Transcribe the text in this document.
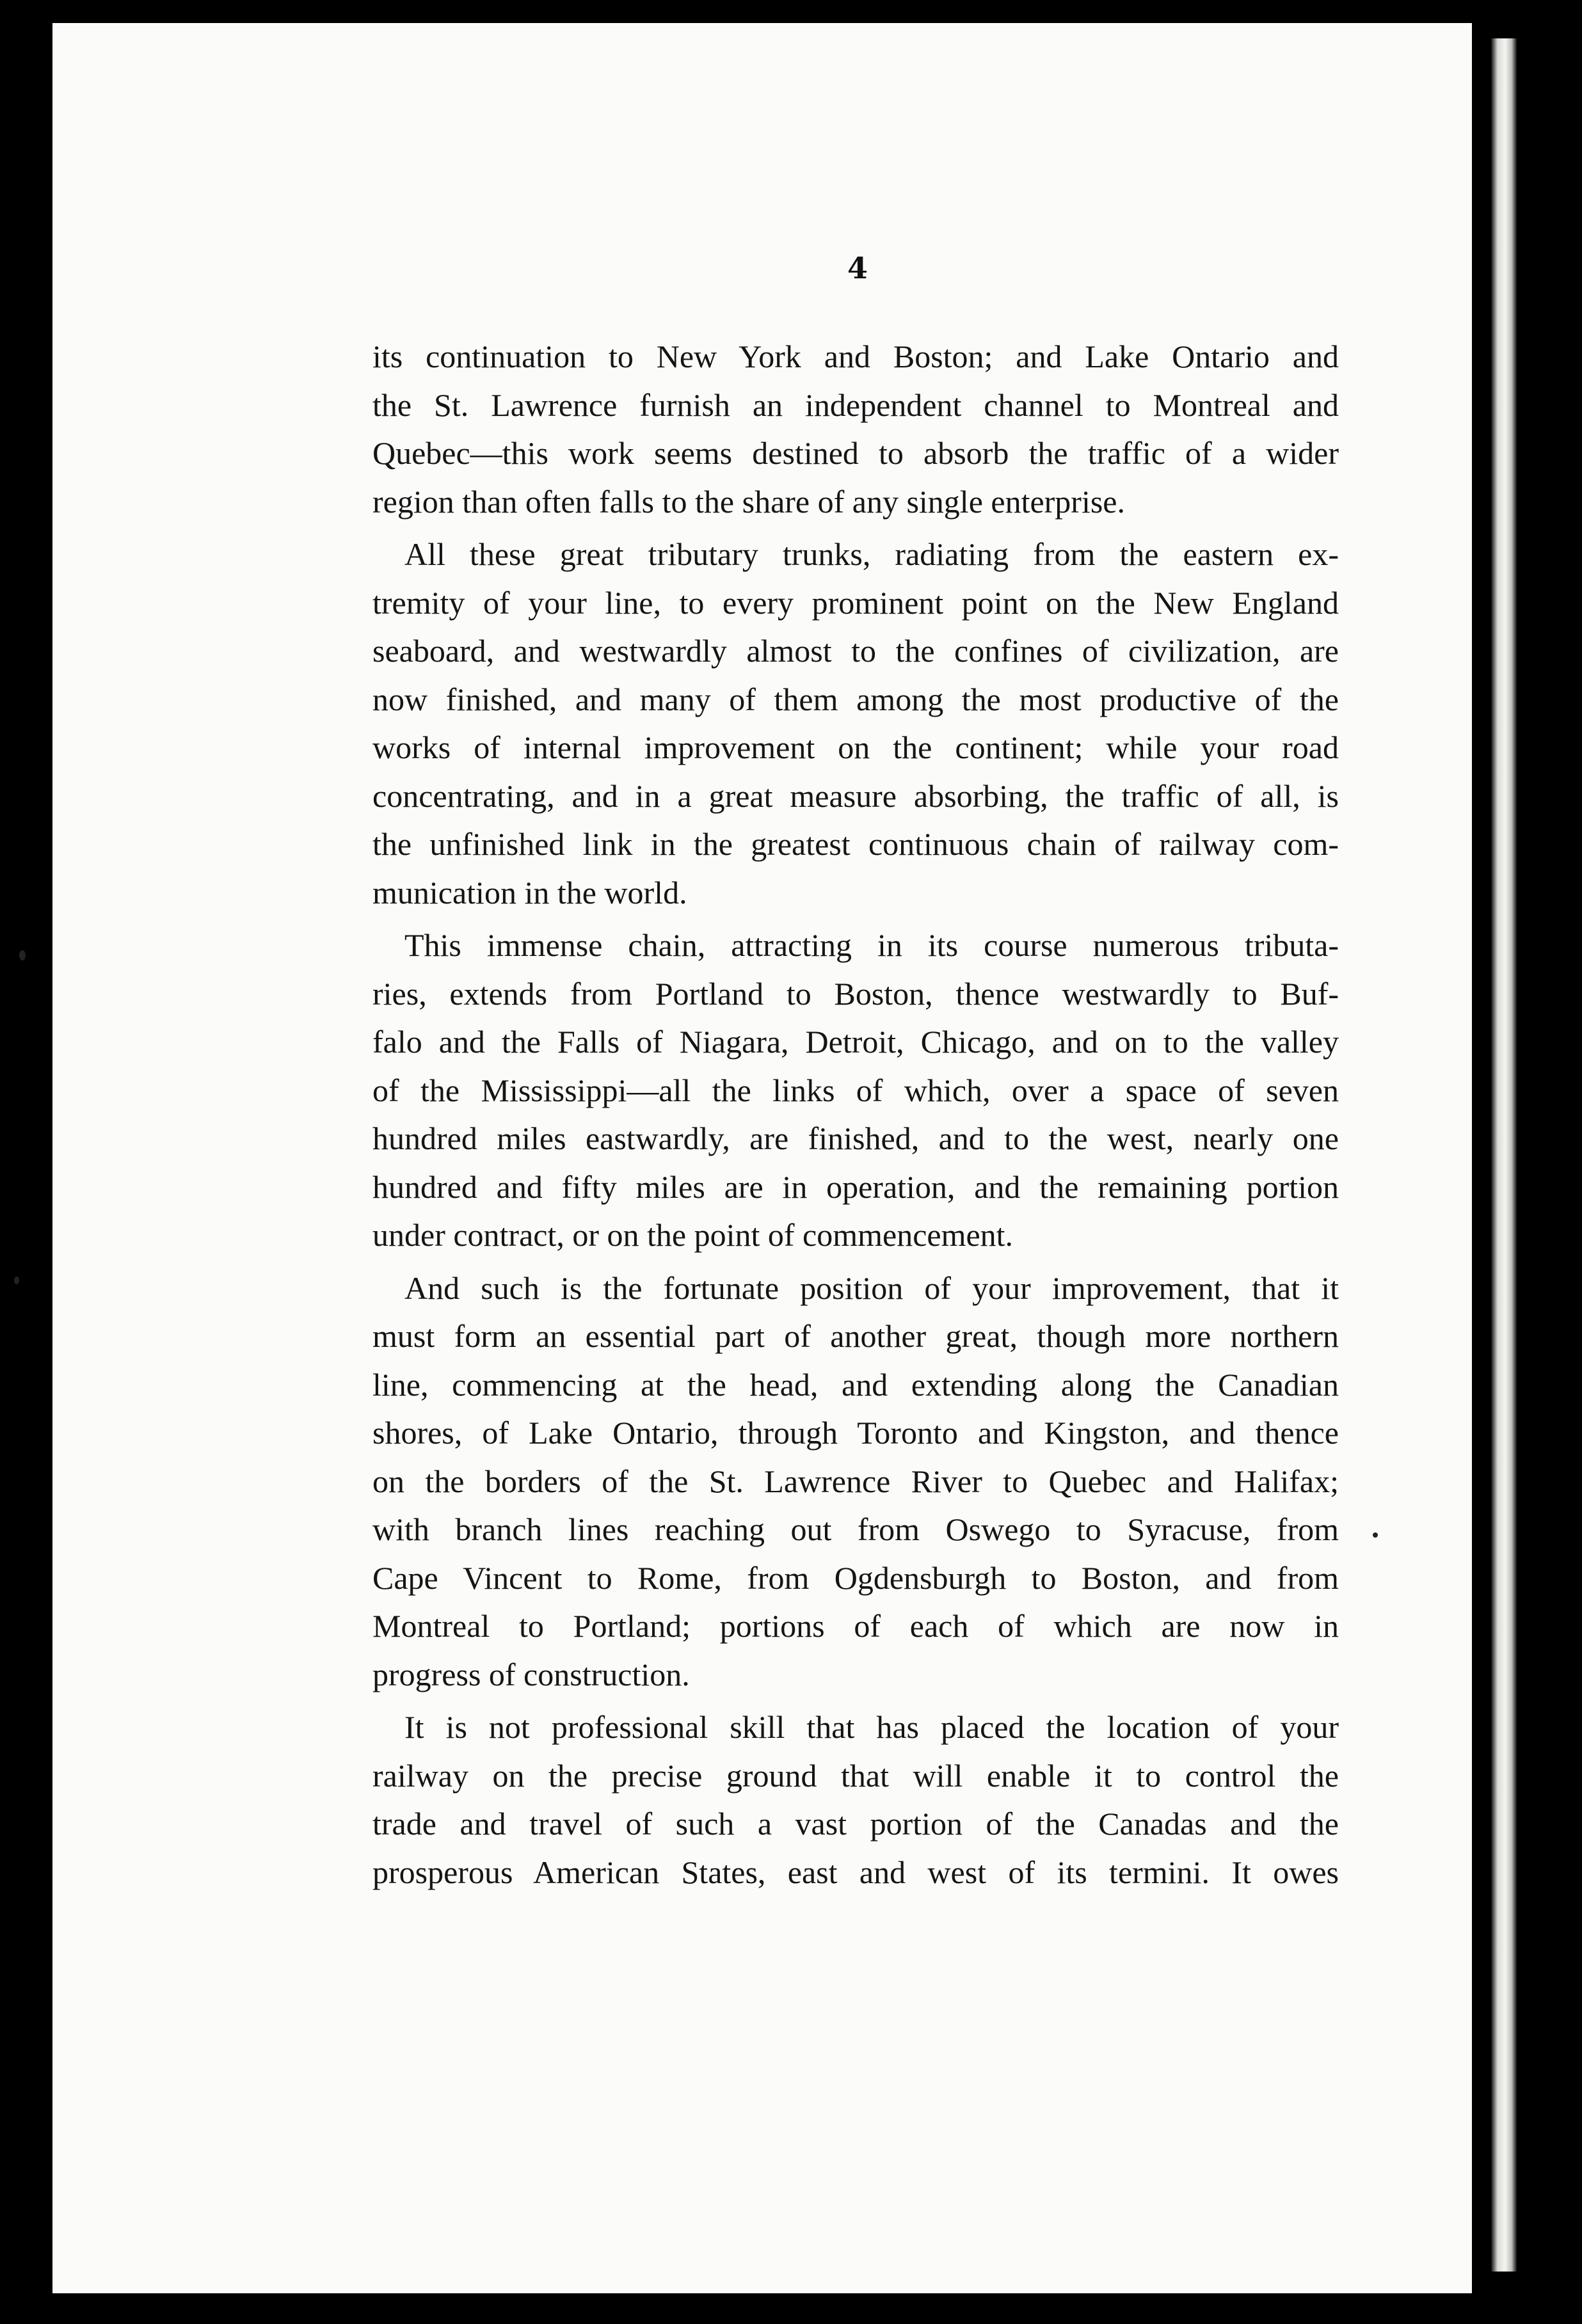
4

its continuation to New York and Boston; and Lake Ontario and
the St. Lawrence furnish an independent channel to Montreal and
Quebec—this work seems destined to absorb the traffic of a wider
region than often falls to the share of any single enterprise.

All these great tributary trunks, radiating from the eastern ex-
tremity of your line, to every prominent point on the New England
seaboard, and westwardly almost to the confines of civilization, are
now finished, and many of them among the most productive of the
works of internal improvement on the continent; while your road
concentrating, and in a great measure absorbing, the traffic of all, is
the unfinished link in the greatest continuous chain of railway com-
munication in the world.

This immense chain, attracting in its course numerous tributa-
ries, extends from Portland to Boston, thence westwardly to Buf-
falo and the Falls of Niagara, Detroit, Chicago, and on to the valley
of the Mississippi—all the links of which, over a space of seven
hundred miles eastwardly, are finished, and to the west, nearly one
hundred and fifty miles are in operation, and the remaining portion
under contract, or on the point of commencement.

And such is the fortunate position of your improvement, that it
must form an essential part of another great, though more northern
line, commencing at the head, and extending along the Canadian
shores, of Lake Ontario, through Toronto and Kingston, and thence
on the borders of the St. Lawrence River to Quebec and Halifax;
with branch lines reaching out from Oswego to Syracuse, from
Cape Vincent to Rome, from Ogdensburgh to Boston, and from
Montreal to Portland; portions of each of which are now in
progress of construction.

It is not professional skill that has placed the location of your
railway on the precise ground that will enable it to control the
trade and travel of such a vast portion of the Canadas and the
prosperous American States, east and west of its termini. It owes
